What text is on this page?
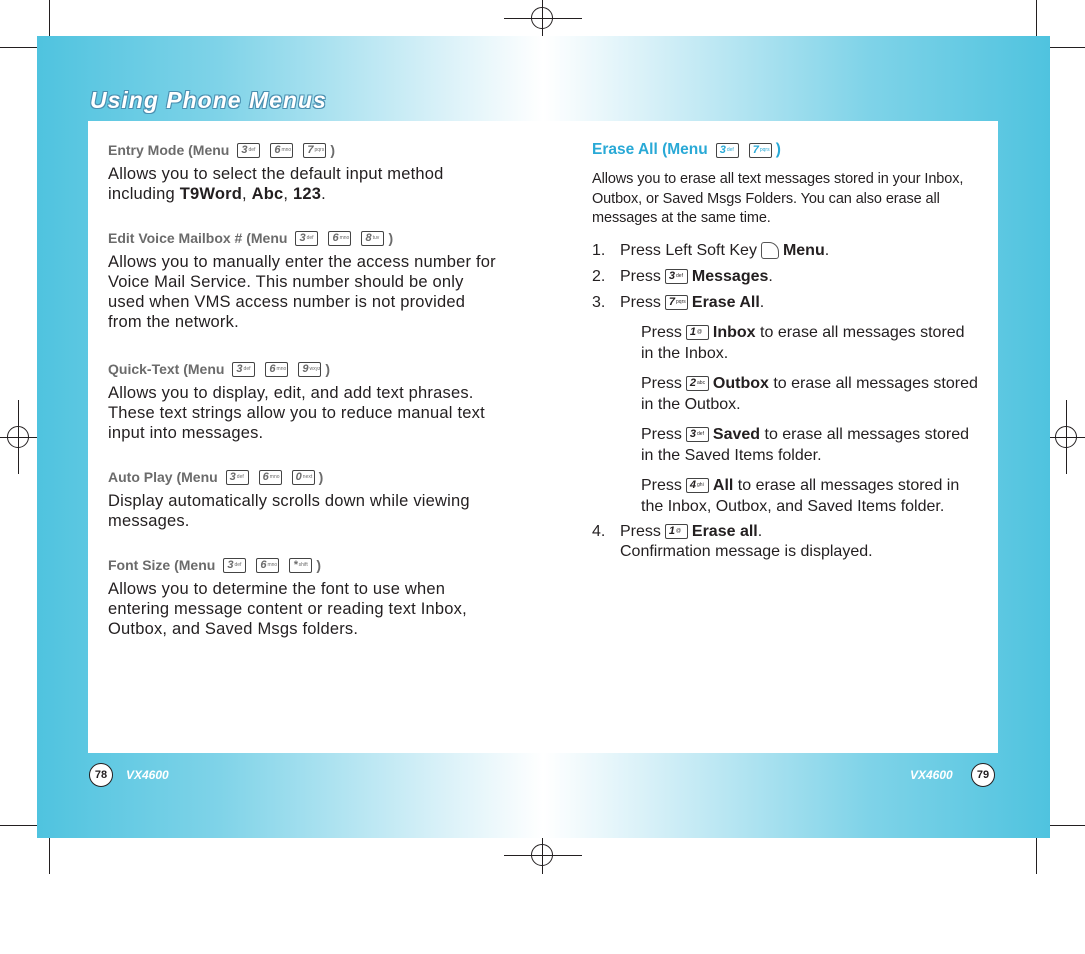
Using Phone Menus
Entry Mode (Menu 3 def 6 mno 7 pqrs )
Allows you to select the default input method including T9Word, Abc, 123.
Edit Voice Mailbox # (Menu 3 def 6 mno 8 tuv )
Allows you to manually enter the access number for Voice Mail Service. This number should be only used when VMS access number is not provided from the network.
Quick-Text (Menu 3 def 6 mno 9 wxyz )
Allows you to display, edit, and add text phrases. These text strings allow you to reduce manual text input into messages.
Auto Play (Menu 3 def 6 mno 0 next )
Display automatically scrolls down while viewing messages.
Font Size (Menu 3 def 6 mno * shift )
Allows you to determine the font to use when entering message content or reading text Inbox, Outbox, and Saved Msgs folders.
Erase All (Menu 3 def 7 pqrs )
Allows you to erase all text messages stored in your Inbox, Outbox, or Saved Msgs Folders. You can also erase all messages at the same time.
1. Press Left Soft Key Menu.
2. Press 3 def Messages.
3. Press 7 pqrs Erase All.
Press 1 @ Inbox to erase all messages stored in the Inbox.
Press 2 abc Outbox to erase all messages stored in the Outbox.
Press 3 def Saved to erase all messages stored in the Saved Items folder.
Press 4 ghi All to erase all messages stored in the Inbox, Outbox, and Saved Items folder.
4. Press 1 @ Erase all.
Confirmation message is displayed.
78	VX4600	VX4600	79
